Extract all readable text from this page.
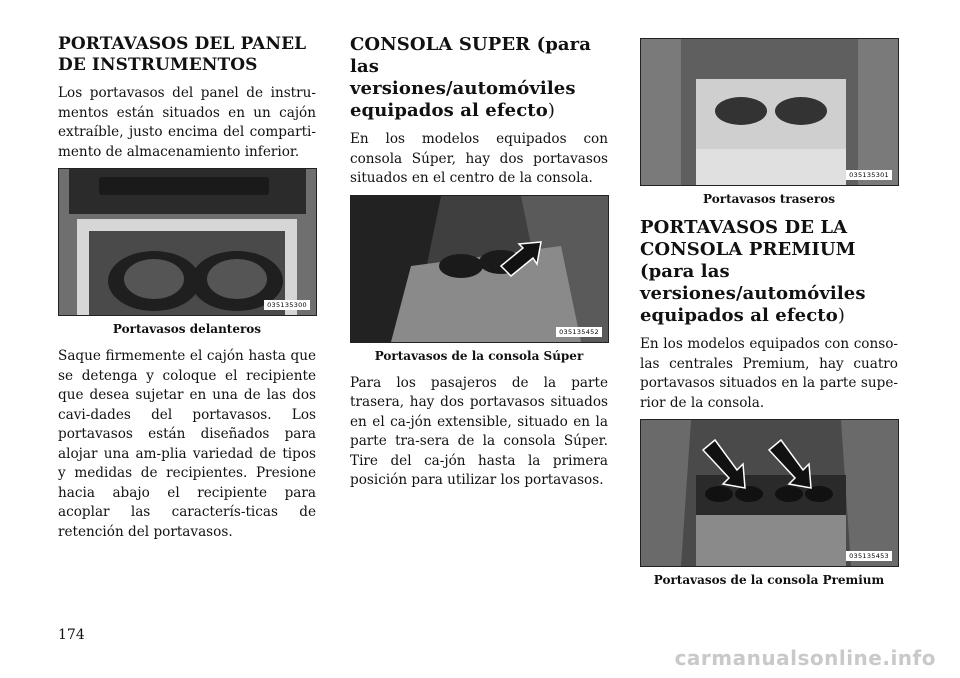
PORTAVASOS DEL PANEL DE INSTRUMENTOS

Los portavasos del panel de instru-mentos están situados en un cajón extraíble, justo encima del comparti-mento de almacenamiento inferior.

035135300
Portavasos delanteros

Saque firmemente el cajón hasta que se detenga y coloque el recipiente que desea sujetar en una de las dos cavi-dades del portavasos. Los portavasos están diseñados para alojar una am-plia variedad de tipos y medidas de recipientes. Presione hacia abajo el recipiente para acoplar las caracterís-ticas de retención del portavasos.

CONSOLA SUPER (para las versiones/automóviles equipados al efecto)

En los modelos equipados con consola Súper, hay dos portavasos situados en el centro de la consola.

035135452
Portavasos de la consola Súper

Para los pasajeros de la parte trasera, hay dos portavasos situados en el ca-jón extensible, situado en la parte tra-sera de la consola Súper. Tire del ca-jón hasta la primera posición para utilizar los portavasos.

035135301
Portavasos traseros
PORTAVASOS DE LA CONSOLA PREMIUM (para las versiones/automóviles equipados al efecto)

En los modelos equipados con conso-las centrales Premium, hay cuatro portavasos situados en la parte supe-rior de la consola.

035135453
Portavasos de la consola Premium
174
carmanualsonline.info
